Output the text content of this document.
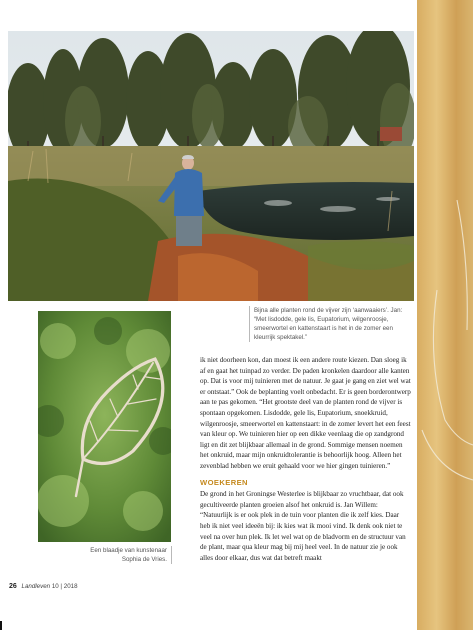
Bijna alle planten rond de vijver zijn ‘aanwaaiers’. Jan: “Met lisdodde, gele lis, Eupatorium, wilgenroosje, smeerwortel en kattenstaart is het in de zomer een kleurrijk spektakel.”
Een blaadje van kunstenaar Sophia de Vries.

ik niet doorheen kon, dan moest ik een andere route kiezen. Dan sloeg ik af en gaat het tuinpad zo verder. De paden kronkelen daardoor alle kanten op. Dat is voor mij tuinieren met de natuur. Je gaat je gang en ziet wel wat er ontstaat.” Ook de beplanting voelt onbedacht. Er is geen borderontwerp aan te pas gekomen. “Het grootste deel van de planten rond de vijver is spontaan opgekomen. Lisdodde, gele lis, Eupatorium, snoekkruid, wilgenroosje, smeerwortel en kattenstaart: in de zomer levert het een feest van kleur op. We tuinieren hier op een dikke veenlaag die op zandgrond ligt en dit zet blijkbaar allemaal in de grond. Sommige mensen noemen het onkruid, maar mijn onkruidtolerantie is behoorlijk hoog. Alleen het zevenblad hebben we eruit gehaald voor we hier gingen tuinieren.”

WOEKEREN

De grond in het Groningse Westerlee is blijkbaar zo vruchtbaar, dat ook gecultiveerde planten groeien alsof het onkruid is. Jan Willem: “Natuurlijk is er ook plek in de tuin voor planten die ik zelf kies. Daar heb ik niet veel ideeën bij: ik kies wat ik mooi vind. Ik denk ook niet te veel na over hun plek. Ik let wel wat op de bladvorm en de structuur van de plant, maar qua kleur mag bij mij heel veel. In de natuur zie je ook alles door elkaar, dus wat dat betreft maakt

26 Landleven 10 | 2018
